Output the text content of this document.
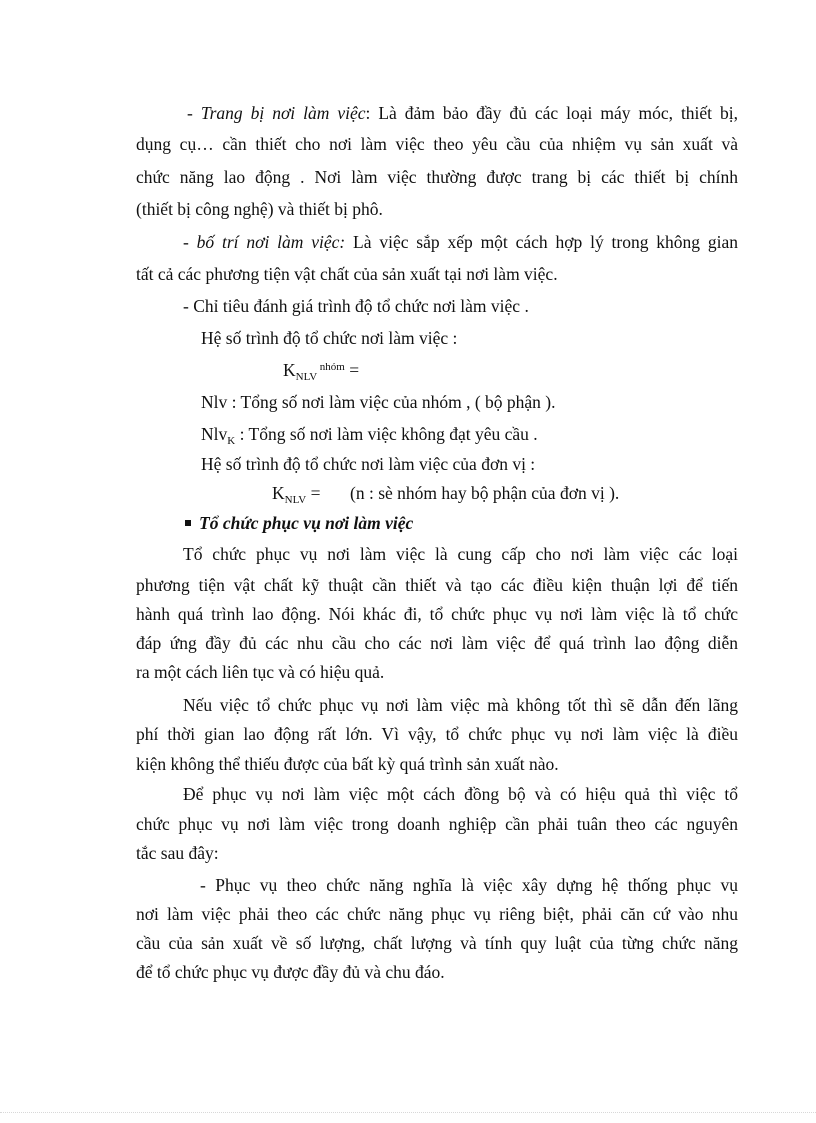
- Trang bị nơi làm việc: Là đảm bảo đầy đủ các loại máy móc, thiết bị,
dụng cụ… cần thiết cho nơi làm việc theo yêu cầu của nhiệm vụ sản xuất và
chức năng lao động . Nơi làm việc thường được trang bị các thiết bị chính
(thiết bị công nghệ) và thiết bị phô.
- bố trí nơi làm việc: Là việc sắp xếp một cách hợp lý trong không gian
tất cả các phương tiện vật chất của sản xuất tại nơi làm việc.
- Chỉ tiêu đánh giá trình độ tổ chức nơi làm việc .
Hệ số trình độ tổ chức nơi làm việc :
$K_{NLV}$ $^{nhóm}$ =
Nlv : Tổng số nơi làm việc của nhóm , ( bộ phận ).
Nlv$_K$ : Tổng số nơi làm việc không đạt yêu cầu .
Hệ số trình độ tổ chức nơi làm việc của đơn vị :
$K_{NLV} = (n$ : sè nhóm hay bộ phận của đơn vị ).
Tổ chức phục vụ nơi làm việc
Tổ chức phục vụ nơi làm việc là cung cấp cho nơi làm việc các loại
phương tiện vật chất kỹ thuật cần thiết và tạo các điều kiện thuận lợi để tiến
hành quá trình lao động. Nói khác đi, tổ chức phục vụ nơi làm việc là tổ chức
đáp ứng đầy đủ các nhu cầu cho các nơi làm việc để quá trình lao động diễn
ra một cách liên tục và có hiệu quả.
Nếu việc tổ chức phục vụ nơi làm việc mà không tốt thì sẽ dẫn đến lãng
phí thời gian lao động rất lớn. Vì vậy, tổ chức phục vụ nơi làm việc là điều
kiện không thể thiếu được của bất kỳ quá trình sản xuất nào.
Để phục vụ nơi làm việc một cách đồng bộ và có hiệu quả thì việc tổ
chức phục vụ nơi làm việc trong doanh nghiệp cần phải tuân theo các nguyên
tắc sau đây:
- Phục vụ theo chức năng nghĩa là việc xây dựng hệ thống phục vụ
nơi làm việc phải theo các chức năng phục vụ riêng biệt, phải căn cứ vào nhu
cầu của sản xuất về số lượng, chất lượng và tính quy luật của từng chức năng
để tổ chức phục vụ được đầy đủ và chu đáo.
